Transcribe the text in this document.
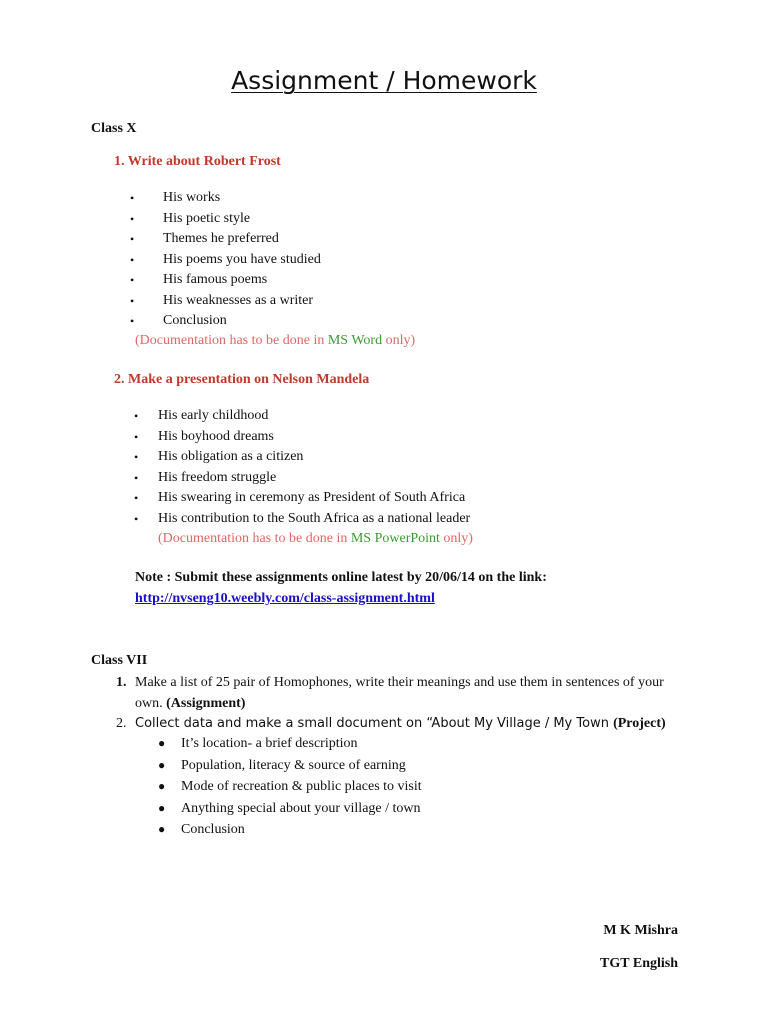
Assignment / Homework
Class X
1. Write about Robert Frost
• His works
• His poetic style
• Themes he preferred
• His poems you have studied
• His famous poems
• His weaknesses as a writer
• Conclusion
(Documentation has to be done in MS Word only)
2. Make a presentation on Nelson Mandela
• His early childhood
• His boyhood dreams
• His obligation as a citizen
• His freedom struggle
• His swearing in ceremony as President of South Africa
• His contribution to the South Africa as a national leader
(Documentation has to be done in MS PowerPoint only)
Note : Submit these assignments online latest by 20/06/14 on the link:
http://nvseng10.weebly.com/class-assignment.html
Class VII
1. Make a list of 25 pair of Homophones, write their meanings and use them in sentences of your own. (Assignment)
2. Collect data and make a small document on “About My Village / My Town (Project)
● It’s location- a brief description
● Population, literacy & source of earning
● Mode of recreation & public places to visit
● Anything special about your village / town
● Conclusion
M K Mishra
TGT English
